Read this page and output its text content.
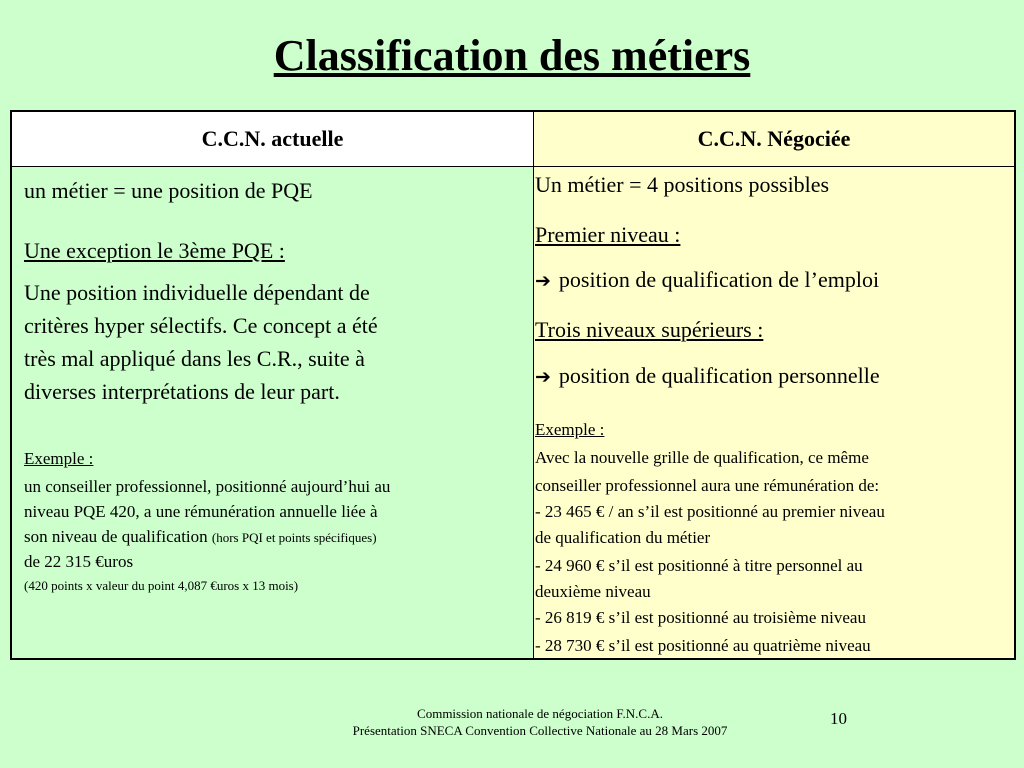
Classification des métiers
C.C.N. actuelle
un métier = une position de PQE
Une exception le 3ème PQE :
Une position individuelle dépendant de
critères hyper sélectifs. Ce concept a été
très mal appliqué dans les C.R., suite à
diverses interprétations de leur part.
Exemple :
un conseiller professionnel, positionné aujourd’hui au
niveau PQE 420, a une rémunération annuelle liée à
son niveau de qualification (hors PQI et points spécifiques)
de 22 315 €uros
(420 points x valeur du point 4,087 €uros x 13 mois)
C.C.N. Négociée
Un métier = 4 positions possibles
Premier niveau :
➔ position de qualification de l’emploi
Trois niveaux supérieurs :
➔ position de qualification personnelle
Exemple :
Avec la nouvelle grille de qualification, ce même
conseiller professionnel aura une rémunération de:
- 23 465 € / an s’il est positionné au premier niveau
de qualification du métier
- 24 960 € s’il est positionné à titre personnel au
deuxième niveau
- 26 819 € s’il est positionné au troisième niveau
- 28 730 € s’il est positionné au quatrième niveau
Commission nationale de négociation F.N.C.A.
Présentation SNECA Convention Collective Nationale au 28 Mars 2007
10
